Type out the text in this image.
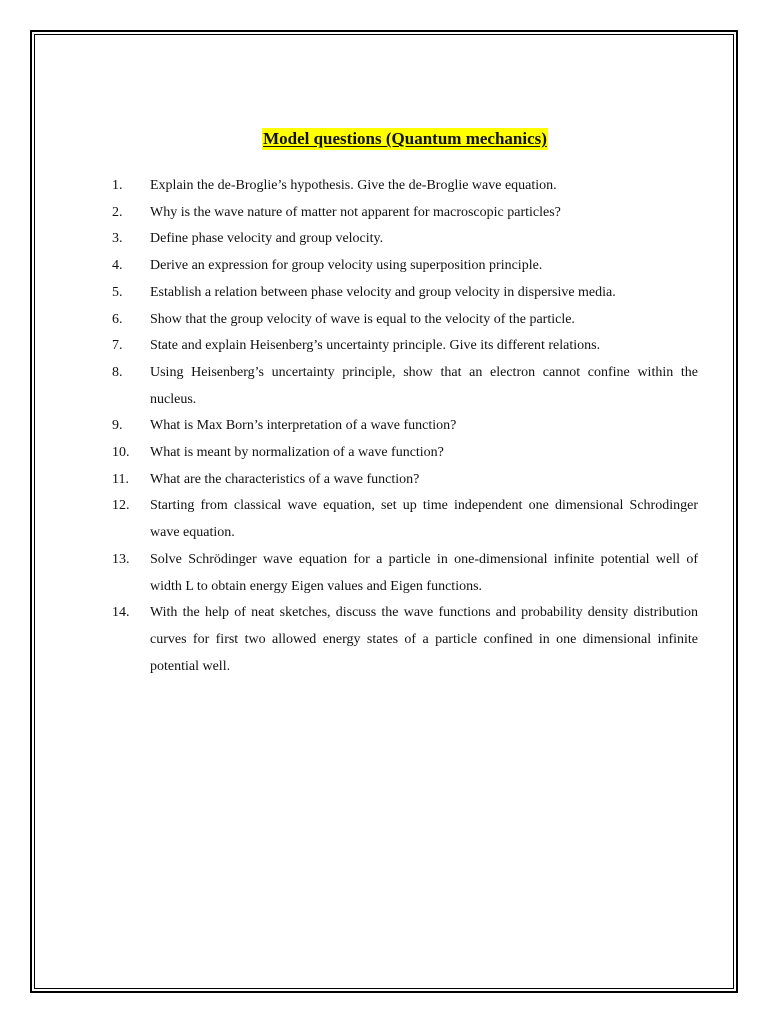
Model questions (Quantum mechanics)
1.	Explain the de-Broglie’s hypothesis. Give the de-Broglie wave equation.
2.	Why is the wave nature of matter not apparent for macroscopic particles?
3.	Define phase velocity and group velocity.
4.	Derive an expression for group velocity using superposition principle.
5.	Establish a relation between phase velocity and group velocity in dispersive media.
6.	Show that the group velocity of wave is equal to the velocity of the particle.
7.	State and explain Heisenberg’s uncertainty principle. Give its different relations.
8.	Using Heisenberg’s uncertainty principle, show that an electron cannot confine within the nucleus.
9.	What is Max Born’s interpretation of a wave function?
10.	What is meant by normalization of a wave function?
11.	What are the characteristics of a wave function?
12.	Starting from classical wave equation, set up time independent one dimensional Schrodinger wave equation.
13.	Solve Schrödinger wave equation for a particle in one-dimensional infinite potential well of width L to obtain energy Eigen values and Eigen functions.
14.	With the help of neat sketches, discuss the wave functions and probability density distribution curves for first two allowed energy states of a particle confined in one dimensional infinite potential well.
